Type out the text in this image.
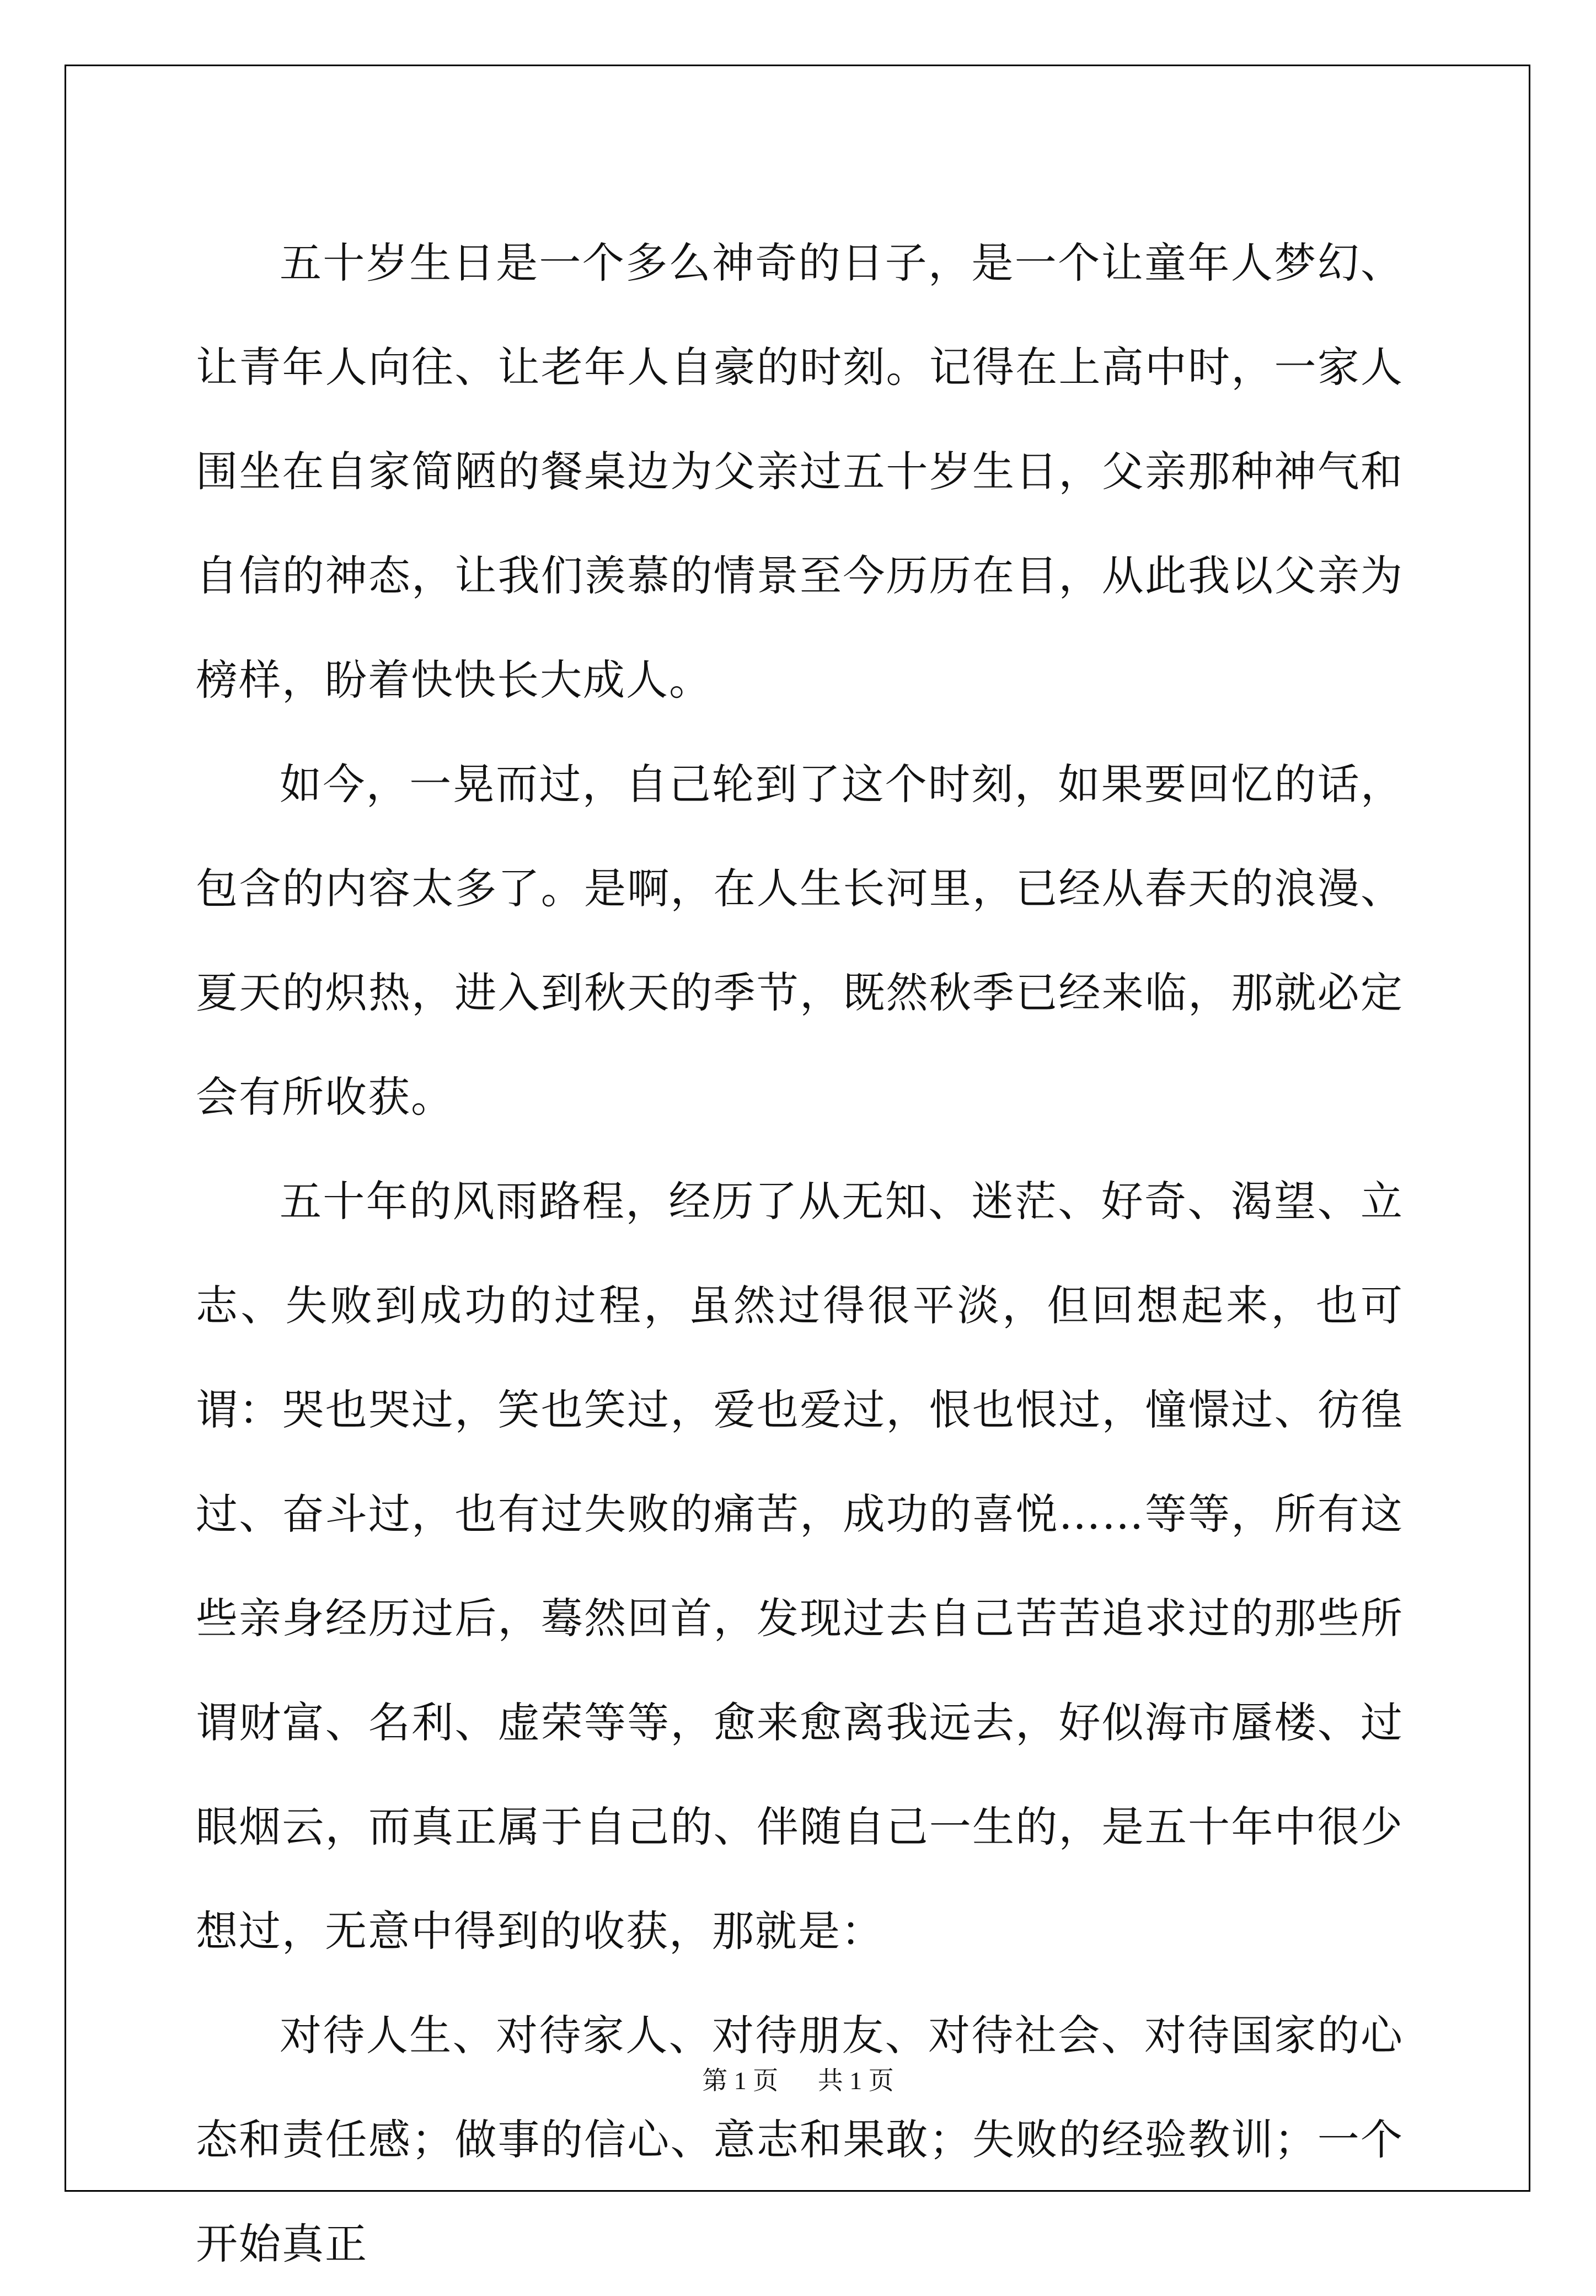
五十岁生日是一个多么神奇的日子，是一个让童年人梦幻、让青年人向往、让老年人自豪的时刻。记得在上高中时，一家人围坐在自家简陋的餐桌边为父亲过五十岁生日，父亲那种神气和自信的神态，让我们羡慕的情景至今历历在目，从此我以父亲为榜样，盼着快快长大成人。

如今，一晃而过，自己轮到了这个时刻，如果要回忆的话，包含的内容太多了。是啊，在人生长河里，已经从春天的浪漫、夏天的炽热，进入到秋天的季节，既然秋季已经来临，那就必定会有所收获。

五十年的风雨路程，经历了从无知、迷茫、好奇、渴望、立志、失败到成功的过程，虽然过得很平淡，但回想起来，也可谓：哭也哭过，笑也笑过，爱也爱过，恨也恨过，憧憬过、彷徨过、奋斗过，也有过失败的痛苦，成功的喜悦……等等，所有这些亲身经历过后，蓦然回首，发现过去自己苦苦追求过的那些所谓财富、名利、虚荣等等，愈来愈离我远去，好似海市蜃楼、过眼烟云，而真正属于自己的、伴随自己一生的，是五十年中很少想过，无意中得到的收获，那就是：

对待人生、对待家人、对待朋友、对待社会、对待国家的心态和责任感；做事的信心、意志和果敢；失败的经验教训；一个开始真正

第 1 页 共 1 页
